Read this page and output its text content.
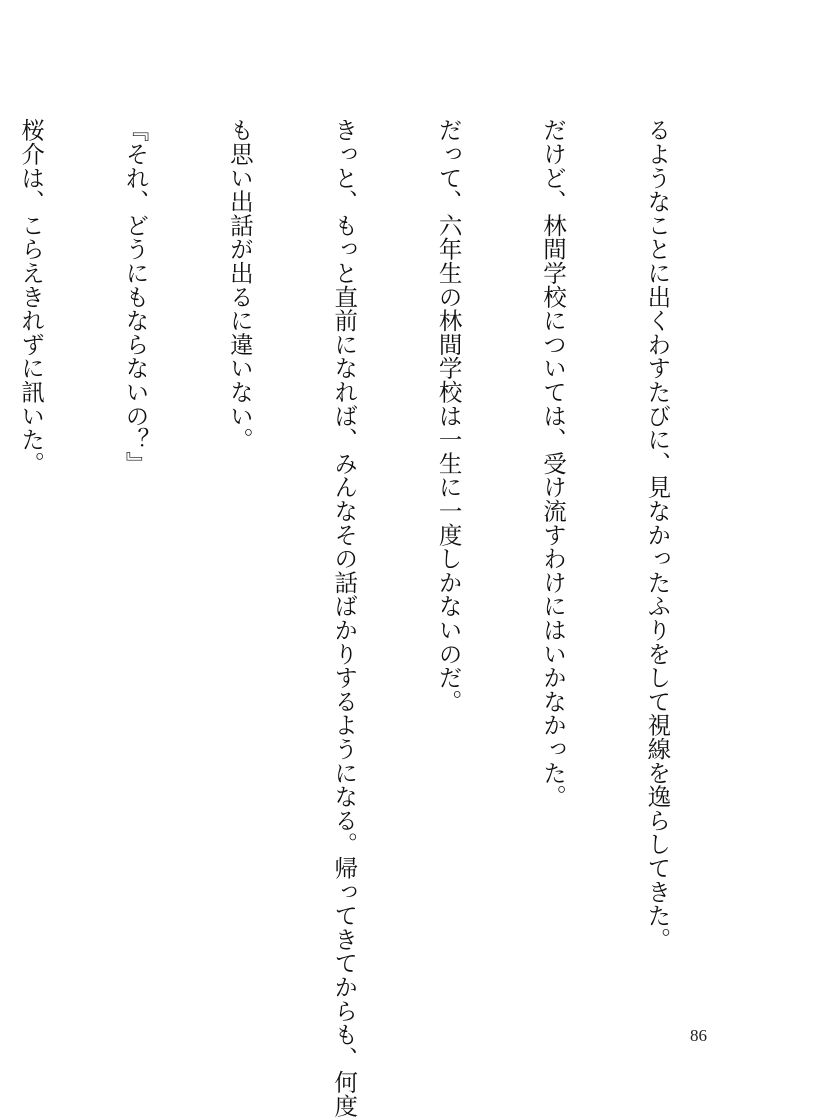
るようなことに出くわすたびに、見なかったふりをして視線を逸らしてきた。

だけど、林間学校については、受け流すわけにはいかなかった。

だって、六年生の林間学校は一生に一度しかないのだ。

きっと、もっと直前になれば、みんなその話ばかりするようになる。帰ってきてからも、何度

も思い出話が出るに違いない。

『それ、どうにもならないの？』

桜介は、こらえきれずに訊いた。

86
